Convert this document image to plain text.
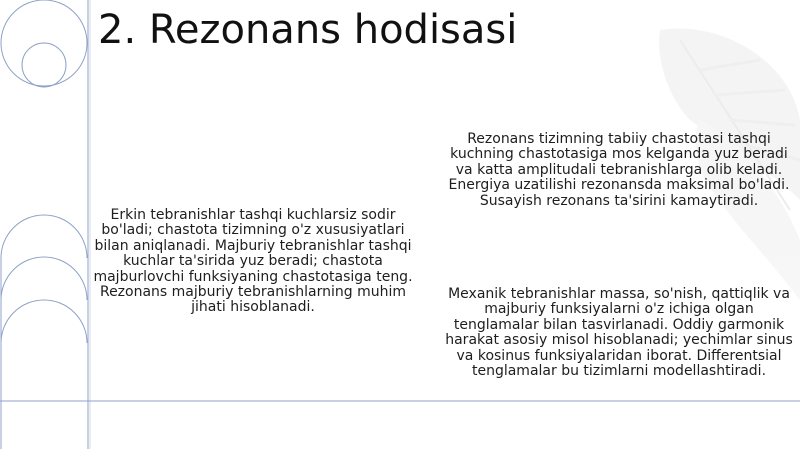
2. Rezonans hodisasi

Erkin tebranishlar tashqi kuchlarsiz sodir bo'ladi; chastota tizimning o'z xususiyatlari bilan aniqlanadi. Majburiy tebranishlar tashqi kuchlar ta'sirida yuz beradi; chastota majburlovchi funksiyaning chastotasiga teng. Rezonans majburiy tebranishlarning muhim jihati hisoblanadi.

Rezonans tizimning tabiiy chastotasi tashqi kuchning chastotasiga mos kelganda yuz beradi va katta amplitudali tebranishlarga olib keladi. Energiya uzatilishi rezonansda maksimal bo'ladi. Susayish rezonans ta'sirini kamaytiradi.

Mexanik tebranishlar massa, so'nish, qattiqlik va majburiy funksiyalarni o'z ichiga olgan tenglamalar bilan tasvirlanadi. Oddiy garmonik harakat asosiy misol hisoblanadi; yechimlar sinus va kosinus funksiyalaridan iborat. Differentsial tenglamalar bu tizimlarni modellashtiradi.
